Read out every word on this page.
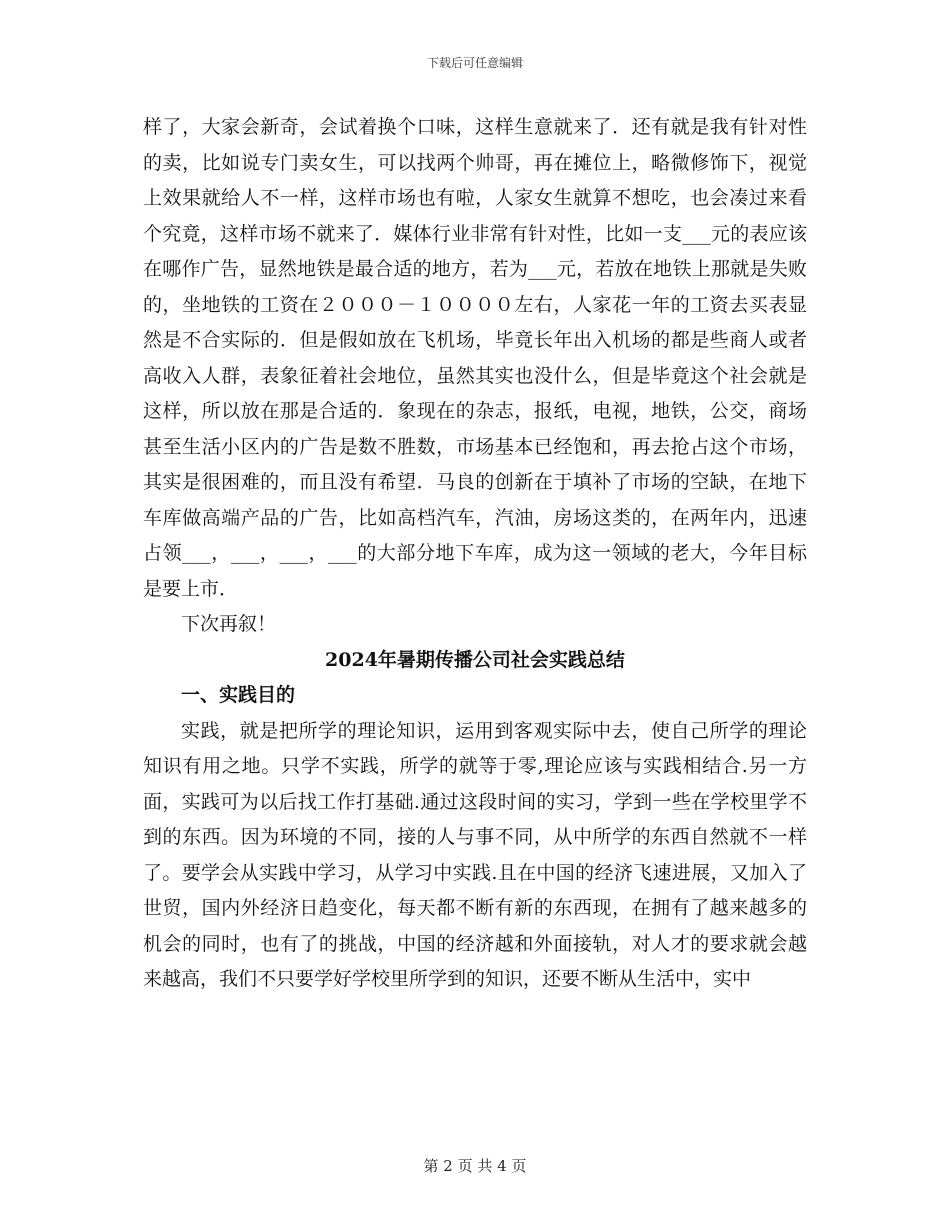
下载后可任意编辑

样了，大家会新奇，会试着换个口味，这样生意就来了．还有就是我有针对性的卖，比如说专门卖女生，可以找两个帅哥，再在摊位上，略微修饰下，视觉上效果就给人不一样，这样市场也有啦，人家女生就算不想吃，也会凑过来看个究竟，这样市场不就来了．媒体行业非常有针对性，比如一支___元的表应该在哪作广告，显然地铁是最合适的地方，若为___元，若放在地铁上那就是失败的，坐地铁的工资在２０００－１００００左右，人家花一年的工资去买表显然是不合实际的．但是假如放在飞机场，毕竟长年出入机场的都是些商人或者高收入人群，表象征着社会地位，虽然其实也没什么，但是毕竟这个社会就是这样，所以放在那是合适的．象现在的杂志，报纸，电视，地铁，公交，商场甚至生活小区内的广告是数不胜数，市场基本已经饱和，再去抢占这个市场，其实是很困难的，而且没有希望．马良的创新在于填补了市场的空缺，在地下车库做高端产品的广告，比如高档汽车，汽油，房场这类的，在两年内，迅速占领___，___，___，___的大部分地下车库，成为这一领域的老大，今年目标是要上市．

下次再叙！

2024年暑期传播公司社会实践总结

一、实践目的

实践，就是把所学的理论知识，运用到客观实际中去，使自己所学的理论知识有用之地。只学不实践，所学的就等于零,理论应该与实践相结合.另一方面，实践可为以后找工作打基础.通过这段时间的实习，学到一些在学校里学不到的东西。因为环境的不同，接的人与事不同，从中所学的东西自然就不一样了。要学会从实践中学习，从学习中实践.且在中国的经济飞速进展，又加入了世贸，国内外经济日趋变化，每天都不断有新的东西现，在拥有了越来越多的机会的同时，也有了的挑战，中国的经济越和外面接轨，对人才的要求就会越来越高，我们不只要学好学校里所学到的知识，还要不断从生活中，实中

第 2 页 共 4 页
